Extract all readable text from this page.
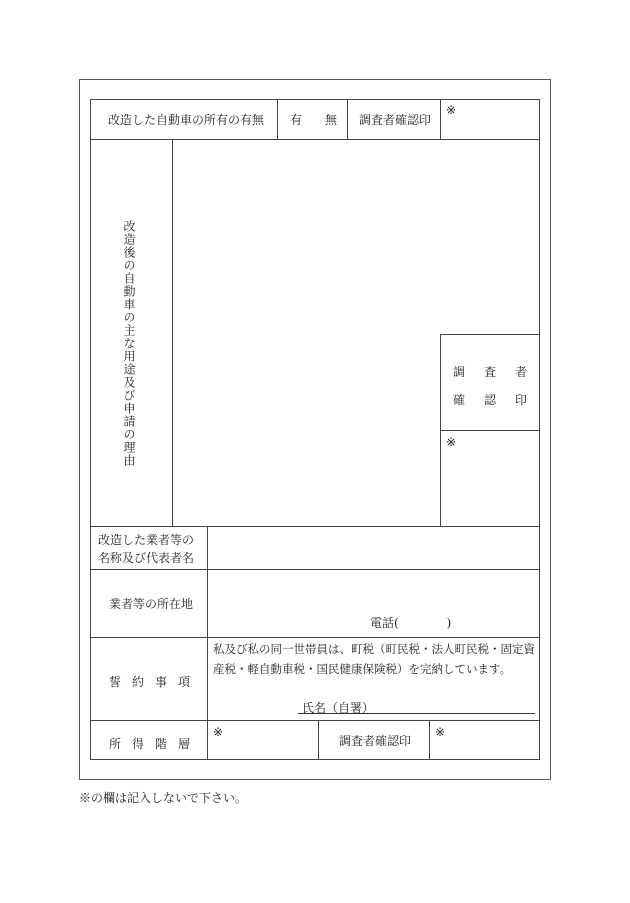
改造した自動車の所有の有無 有 無 調査者確認印
※
改造後の自動車の主な用途及び申請の理由	調 査 者
確 認 印
※
改造した業者等の
名称及び代表者名
業者等の所在地
電話(　　　　)
誓 約 事 項
私及び私の同一世帯員は、町税（町民税・法人町民税・固定資
産税・軽自動車税・国民健康保険税）を完納しています。
氏名（自署）
所 得 階 層
※
調査者確認印
※
※の欄は記入しないで下さい。
